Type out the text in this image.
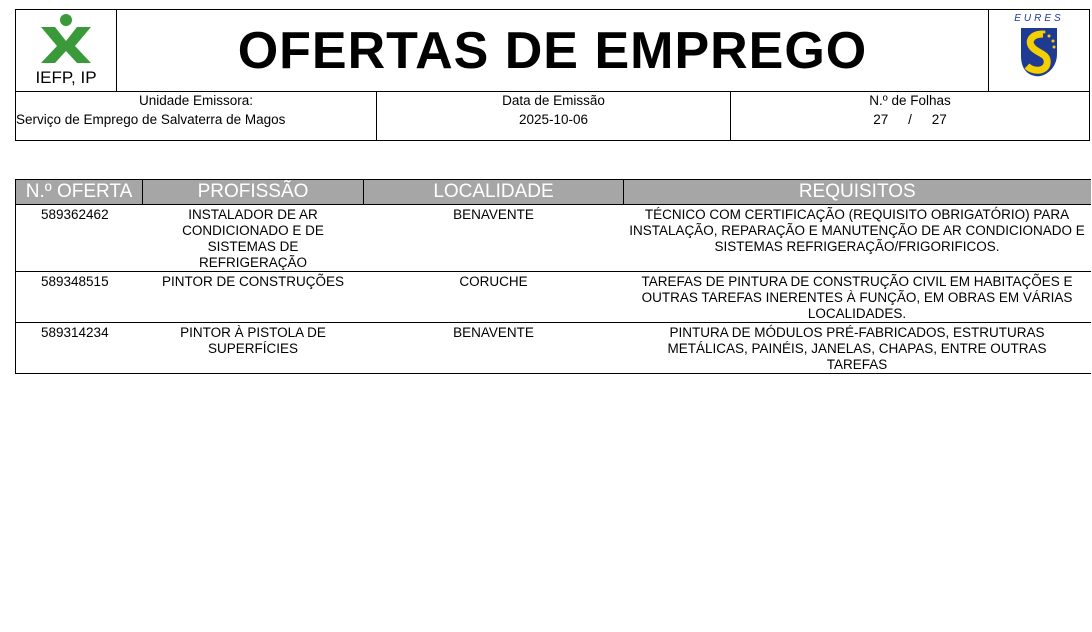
IEFP, IP	OFERTAS DE EMPREGO	
EURES
Unidade Emissora:
Serviço de Emprego de Salvaterra de Magos
Data de Emissão
2025-10-06
N.º de Folhas
27 / 27
N.º OFERTA	PROFISSÃO	LOCALIDADE	REQUISITOS
589362462	INSTALADOR DE AR CONDICIONADO E DE SISTEMAS DE REFRIGERAÇÃO	BENAVENTE	TÉCNICO COM CERTIFICAÇÃO (REQUISITO OBRIGATÓRIO) PARA INSTALAÇÃO, REPARAÇÃO E MANUTENÇÃO DE AR CONDICIONADO E SISTEMAS REFRIGERAÇÃO/FRIGORIFICOS.
589348515	PINTOR DE CONSTRUÇÕES	CORUCHE	TAREFAS DE PINTURA DE CONSTRUÇÃO CIVIL EM HABITAÇÕES E OUTRAS TAREFAS INERENTES À FUNÇÃO, EM OBRAS EM VÁRIAS LOCALIDADES.
589314234	PINTOR À PISTOLA DE SUPERFÍCIES	BENAVENTE	PINTURA DE MÓDULOS PRÉ-FABRICADOS, ESTRUTURAS METÁLICAS, PAINÉIS, JANELAS, CHAPAS, ENTRE OUTRAS TAREFAS
